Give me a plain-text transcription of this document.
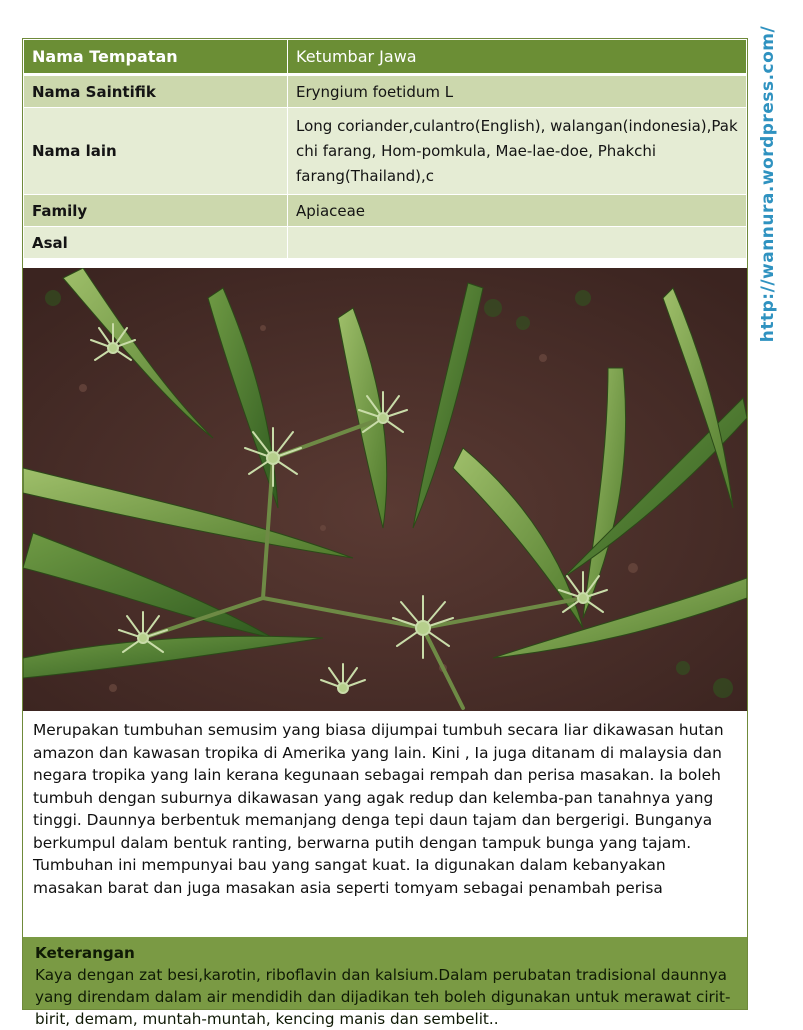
Nama Tempatan	Ketumbar Jawa
Nama Saintifik	Eryngium foetidum L
Nama lain	Long coriander,culantro(English), walangan(indonesia),Pak chi farang, Hom-pomkula, Mae-lae-doe, Phakchi farang(Thailand),c
Family	Apiaceae
Asal	
Merupakan tumbuhan semusim yang biasa dijumpai tumbuh secara liar dikawasan hutan amazon dan kawasan tropika di Amerika yang lain. Kini , Ia juga ditanam di malaysia dan negara tropika yang lain kerana kegunaan sebagai rempah dan perisa masakan. Ia boleh tumbuh dengan suburnya dikawasan yang agak redup dan kelemba-pan tanahnya yang tinggi. Daunnya berbentuk memanjang denga tepi daun tajam dan bergerigi. Bunganya berkumpul dalam bentuk ranting, berwarna putih dengan tampuk bunga yang tajam. Tumbuhan ini mempunyai bau yang sangat kuat. Ia digunakan dalam kebanyakan masakan barat dan juga masakan asia seperti tomyam sebagai penambah perisa
Keterangan
Kaya dengan zat besi,karotin, riboflavin dan kalsium.Dalam perubatan tradisional daunnya yang direndam dalam air mendidih dan dijadikan teh boleh digunakan untuk merawat cirit-birit, demam, muntah-muntah, kencing manis dan sembelit..
http://wannura.wordpress.com/
